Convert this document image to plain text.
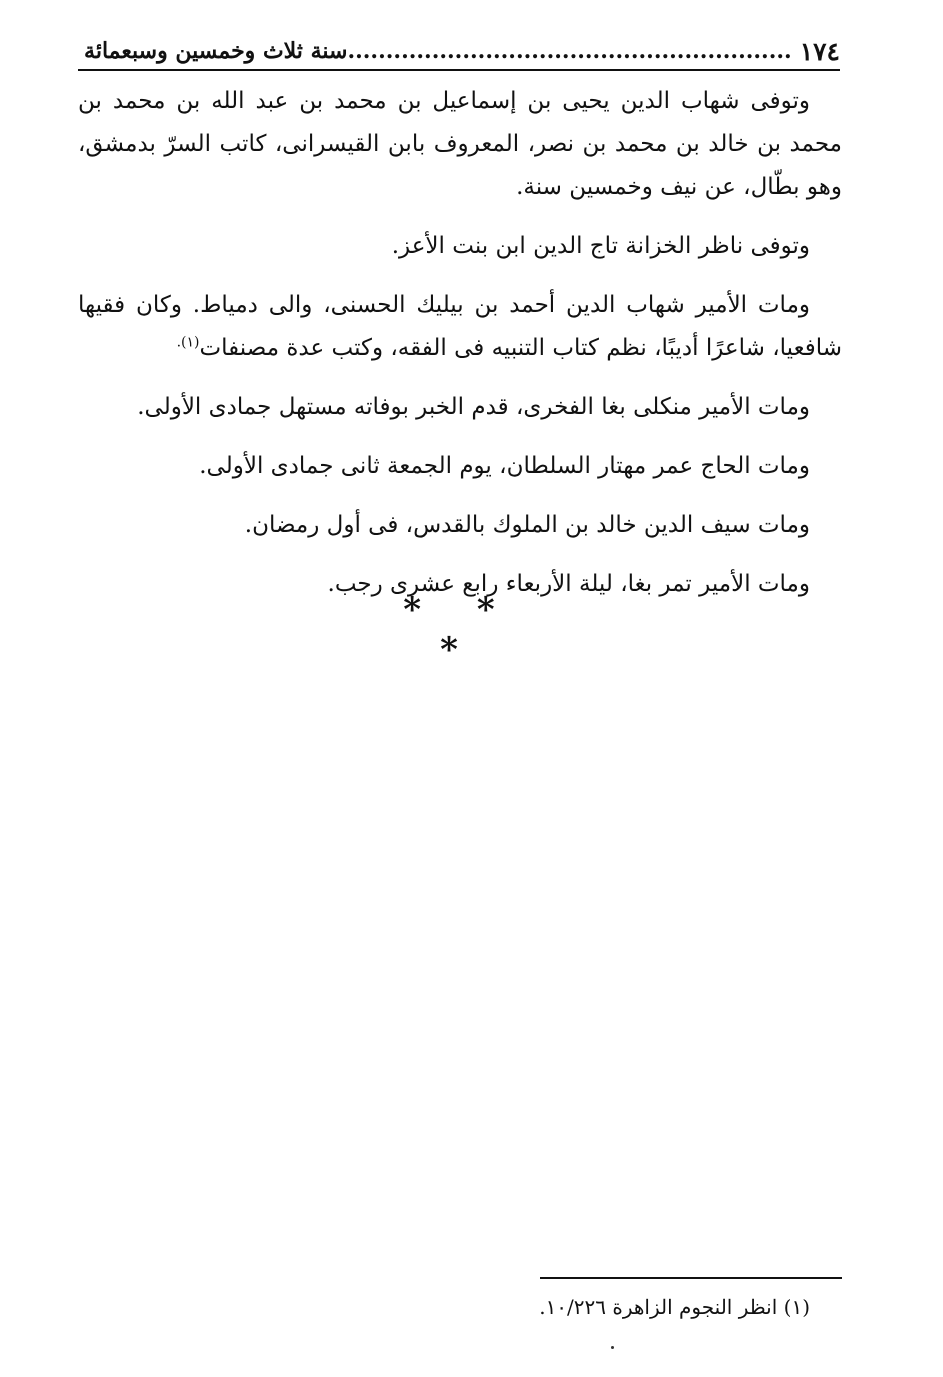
١٧٤
..........................................................سنة ثلاث وخمسين وسبعمائة

وتوفى شهاب الدين يحيى بن إسماعيل بن محمد بن عبد الله بن محمد بن محمد بن خالد بن محمد بن نصر، المعروف بابن القيسرانى، كاتب السرّ بدمشق، وهو بطّال، عن نيف وخمسين سنة.

وتوفى ناظر الخزانة تاج الدين ابن بنت الأعز.

ومات الأمير شهاب الدين أحمد بن بيليك الحسنى، والى دمياط. وكان فقيها شافعيا، شاعرًا أديبًا، نظم كتاب التنبيه فى الفقه، وكتب عدة مصنفات$^{(١).}$

ومات الأمير منكلى بغا الفخرى، قدم الخبر بوفاته مستهل جمادى الأولى.

ومات الحاج عمر مهتار السلطان، يوم الجمعة ثانى جمادى الأولى.

ومات سيف الدين خالد بن الملوك بالقدس، فى أول رمضان.

ومات الأمير تمر بغا، ليلة الأربعاء رابع عشرى رجب.

* * *
(١) انظر النجوم الزاهرة ١٠/٢٢٦.
